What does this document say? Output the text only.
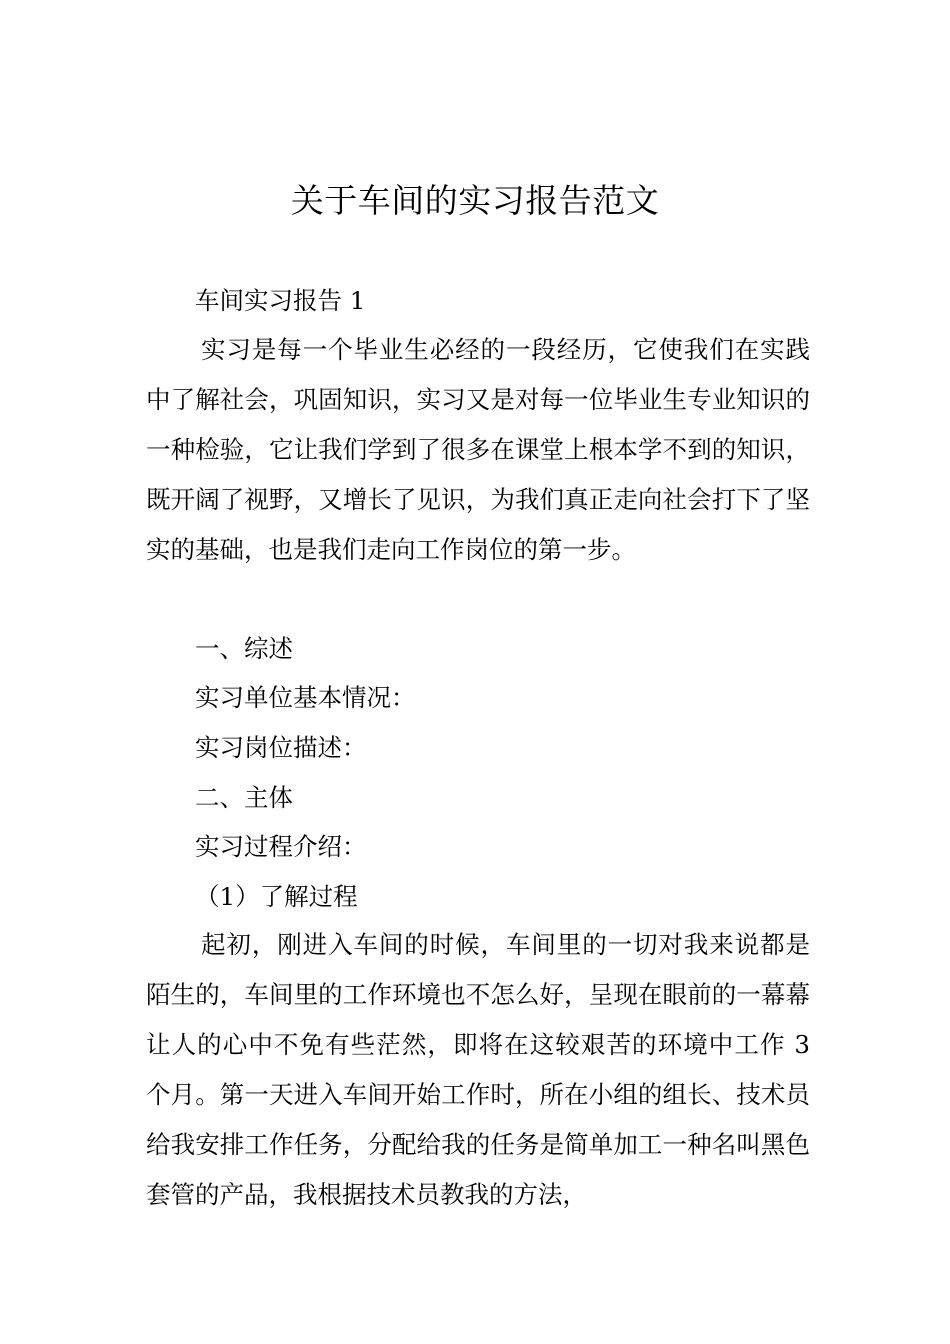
关于车间的实习报告范文

车间实习报告 1

实习是每一个毕业生必经的一段经历，它使我们在实践中了解社会，巩固知识，实习又是对每一位毕业生专业知识的一种检验，它让我们学到了很多在课堂上根本学不到的知识，既开阔了视野，又增长了见识，为我们真正走向社会打下了坚实的基础，也是我们走向工作岗位的第一步。

一、综述

实习单位基本情况：

实习岗位描述：

二、主体

实习过程介绍：

（1）了解过程

起初，刚进入车间的时候，车间里的一切对我来说都是陌生的，车间里的工作环境也不怎么好，呈现在眼前的一幕幕让人的心中不免有些茫然，即将在这较艰苦的环境中工作 3 个月。第一天进入车间开始工作时，所在小组的组长、技术员给我安排工作任务，分配给我的任务是简单加工一种名叫黑色套管的产品，我根据技术员教我的方法，
